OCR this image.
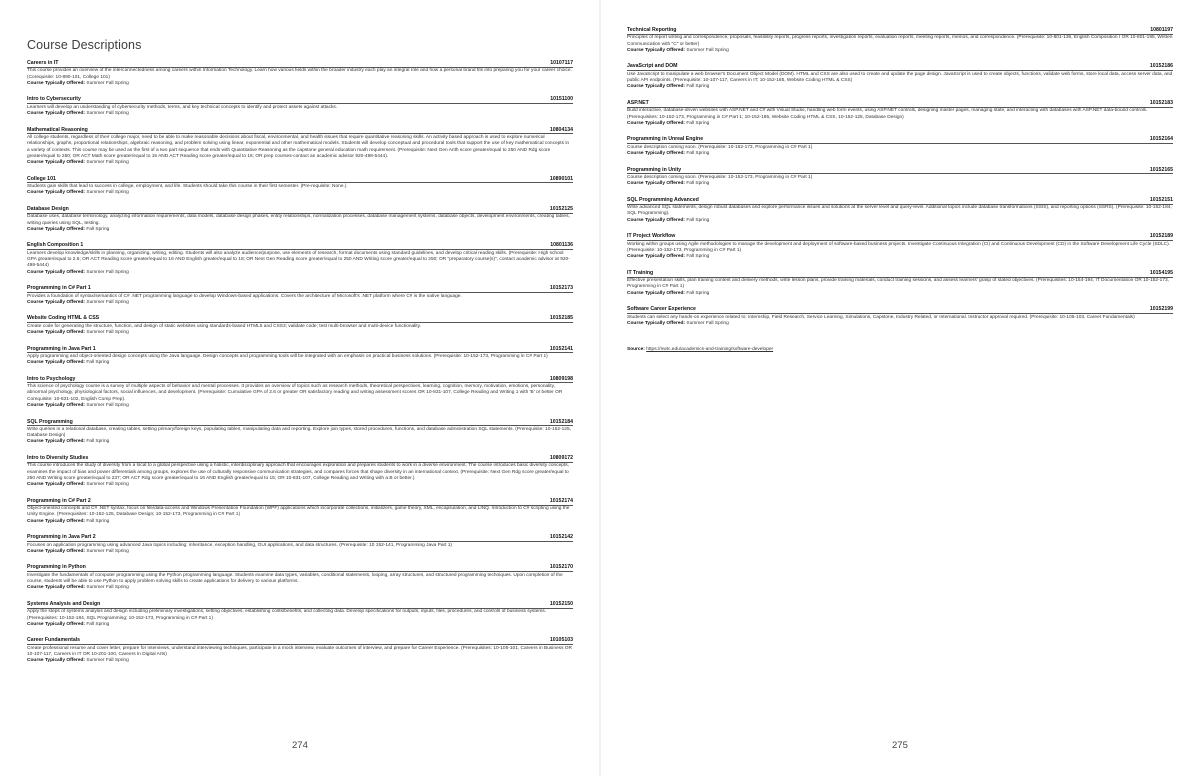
Course Descriptions
Careers in IT	10107117
This course provides an overview of the interconnectedness among careers within Information Technology. Learn how various fields within the broader industry each play an integral role and how a personal brand fits into preparing you for your career choice. (Corequisite: 10-890-101, College 101)
Course Typically Offered: Summer Fall Spring
Intro to Cybersecurity	10151100
Learners will develop an understanding of cybersecurity methods, terms, and key technical concepts to identify and protect assets against attacks.
Course Typically Offered: Summer Fall Spring
Mathematical Reasoning	10804134
All college students, regardless of their college major, need to be able to make reasonable decisions about fiscal, environmental, and health issues that require quantitative reasoning skills. An activity based approach is used to explore numerical relationships, graphs, proportional relationships, algebraic reasoning, and problem solving using linear, exponential and other mathematical models. Students will develop conceptual and procedural tools that support the use of key mathematical concepts in a variety of contexts. This course may be used as the first of a two part sequence that ends with Quantitative Reasoning as the capstone general education math requirement. (Prerequisite: Next Gen Arith score greater/equal to 250 AND Rdg score greater/equal to 250; OR ACT Math score greater/equal to 15 AND ACT Reading score greater/equal to 16; OR prep courses-contact an academic advisor 920-498-5444).
Course Typically Offered: Summer Fall Spring
College 101	10890101
Students gain skills that lead to success in college, employment, and life. Students should take this course in their first semester. (Pre-requisite: None.)
Course Typically Offered: Summer Fall Spring
Database Design	10152125
Database uses, database terminology, analyzing information requirements, data models, database design phases, entity relationships, normalization processes, database management systems, database objects, development environments, creating tables, writing queries using SQL, testing.
Course Typically Offered: Fall Spring
English Composition 1	10801136
Learners develop knowledge/skills in planning, organizing, writing, editing. Students will also analyze audience/purpose, use elements of research, format documents using standard guidelines, and develop critical reading skills. (Prerequisite: High school GPA greater/equal to 2.6; OR ACT Reading score greater/equal to 16 AND English greater/equal to 18; OR Next Gen Reading score greater/equal to 250 AND Writing score greater/equal to 250; OR "preparatory course(s)", contact academic advisor at 920-498-5444)
Course Typically Offered: Summer Fall Spring
Programming in C# Part 1	10152173
Provides a foundation of syntax/semantics of C# .NET programming language to develop Windows-based applications. Covers the architecture of Microsoft's .NET platform where C# is the native language.
Course Typically Offered: Summer Fall Spring
Website Coding HTML & CSS	10152185
Create code for generating the structure, function, and design of static websites using standards-based HTML5 and CSS3; validate code; test multi-browser and multi-device functionality.
Course Typically Offered: Summer Fall Spring
Programming in Java Part 1	10152141
Apply programming and object-oriented design concepts using the Java language. Design concepts and programming tools will be integrated with an emphasis on practical business solutions. (Prerequisite: 10-152-173, Programming in C# Part 1)
Course Typically Offered: Fall Spring
Intro to Psychology	10809198
This science of psychology course is a survey of multiple aspects of behavior and mental processes. It provides an overview of topics such as research methods, theoretical perspectives, learning, cognition, memory, motivation, emotions, personality, abnormal psychology, physiological factors, social influences, and development. (Prerequisite: Cumulative GPA of 2.6 or greater OR satisfactory reading and writing assessment scores OR 10-831-107, College Reading and Writing 1 with 'B' or better OR Corequisite: 10-831-102, English Comp Prep).
Course Typically Offered: Summer Fall Spring
SQL Programming	10152184
Write queries in a relational database, creating tables, setting primary/foreign keys, populating tables, manipulating data and reporting. Explore join types, stored procedures, functions, and database administration SQL statements. (Prerequisite: 10-152-125, Database Design)
Course Typically Offered: Fall Spring
Intro to Diversity Studies	10809172
This course introduces the study of diversity from a local to a global perspective using a holistic, interdisciplinary approach that encourages exploration and prepares students to work in a diverse environment. The course introduces basic diversity concepts, examines the impact of bias and power differentials among groups, explores the use of culturally responsive communication strategies, and compares forces that shape diversity in an international context. (Prerequisite: Next Gen Rdg score greater/equal to 250 AND Writing score greater/equal to 237; OR ACT Rdg score greater/equal to 16 AND English greater/equal to 15; OR 10-831-107, College Reading and Writing with a B or better.)
Course Typically Offered: Summer Fall Spring
Programming in C# Part 2	10152174
Object-oriented concepts and C# .NET syntax, focus on file/data-access and Windows Presentation Foundation (WPF) applications which incorporate collections, initializers, game theory, XML, encapsulation, and LINQ. Introduction to C# scripting using the Unity Engine. (Prerequisites: 10-152-125, Database Design; 10-152-173, Programming in C# Part 1)
Course Typically Offered: Fall Spring
Programming in Java Part 2	10152142
Focuses on application programming using advanced Java topics including: inheritance, exception handling, GUI applications, and data structures. (Prerequisite: 10 152-141, Programming Java Part 1)
Course Typically Offered: Summer Fall Spring
Programming in Python	10152170
Investigate the fundamentals of computer programming using the Python programming language. Students examine data types, variables, conditional statements, looping, array structures, and structured programming techniques. Upon completion of the course, students will be able to use Python to apply problem solving skills to create applications for delivery to various platforms.
Course Typically Offered: Summer Fall Spring
Systems Analysis and Design	10152150
Apply the steps of systems analysis and design including preliminary investigations, setting objectives, establishing costs/benefits, and collecting data. Develop specifications for outputs, inputs, files, procedures, and controls of business systems. (Prerequisites: 10-152-184, SQL Programming; 10-152-173, Programming in C# Part 1)
Course Typically Offered: Fall Spring
Career Fundamentals	10105103
Create professional resume and cover letter, prepare for interviews, understand interviewing techniques, participate in a mock interview, evaluate outcomes of interview, and prepare for Career Experience. (Prerequisites: 10-105-101, Careers in Business OR 10-107-117, Careers in IT OR 10-201-100, Careers In Digital Arts)
Course Typically Offered: Summer Fall Spring
274
Technical Reporting	10801197
Principles of report writing and correspondence, proposals, feasibility reports, progress reports, investigation reports, evaluation reports, meeting reports, memos, and correspondence. (Prerequisite: 10-801-136, English Composition I OR 10-801-195, Written Communication with "C" or better)
Course Typically Offered: Summer Fall Spring
JavaScript and DOM	10152186
Use JavaScript to manipulate a web browser's Document Object Model (DOM). HTML and CSS are also used to create and update the page design. JavaScript is used to create objects, functions, validate web forms, store local data, access server data, and public API endpoints. (Prerequisite: 10-107-117, Careers in IT; 10-152-185, Website Coding HTML & CSS)
Course Typically Offered: Fall Spring
ASP.NET	10152183
Build interactive, database-driven websites with ASP.NET and C# with Visual Studio, handling web form events, using ASP.NET controls, designing master pages, managing state, and interacting with databases with ASP.NET data-bound controls. (Prerequisites: 10-152-173, Programming in C# Part 1; 10-152-185, Website Coding HTML & CSS, 10-152-125, Database Design)
Course Typically Offered: Fall Spring
Programming in Unreal Engine	10152164
Course description coming soon. (Prerequisite: 10-152-173, Programming in C# Part 1)
Course Typically Offered: Fall Spring
Programming in Unity	10152165
Course description coming soon. (Prerequisite: 10-152-173, Programming in C# Part 1)
Course Typically Offered: Fall Spring
SQL Programming Advanced	10152151
Write advanced SQL statements, design robust databases and explore performance issues and solutions at the server level and query-level. Additional topics include database transformations (SSIS), and reporting options (SSRS). (Prerequisite: 10-152-184, SQL Programming).
Course Typically Offered: Fall Spring
IT Project Workflow	10152189
Working within groups using Agile methodologies to manage the development and deployment of software-based business projects. Investigate Continuous Integration (CI) and Continuous Development (CD) in the Software Development Life Cycle (SDLC). (Prerequisite: 10-152-173, Programming in C# Part 1)
Course Typically Offered: Fall Spring
IT Training	10154195
Effective presentation skills, plan training content and delivery methods, write lesson plans, provide training materials, conduct training sessions, and assess learners' grasp of stated objectives. (Prerequisites: 10-154-194, IT Documentation OR 10-152-173, Programming in C# Part 1)
Course Typically Offered: Fall Spring
Software Career Experience	10152199
Students can select any hands-on experience related to: Internship, Field Research, Service Learning, Simulations, Capstone, Industry Related, or International. Instructor approval required. (Prerequisite: 10-105-103, Career Fundamentals)
Course Typically Offered: Summer Fall Spring
Source: https://nwtc.edu/academics-and-training/software-developer
275
